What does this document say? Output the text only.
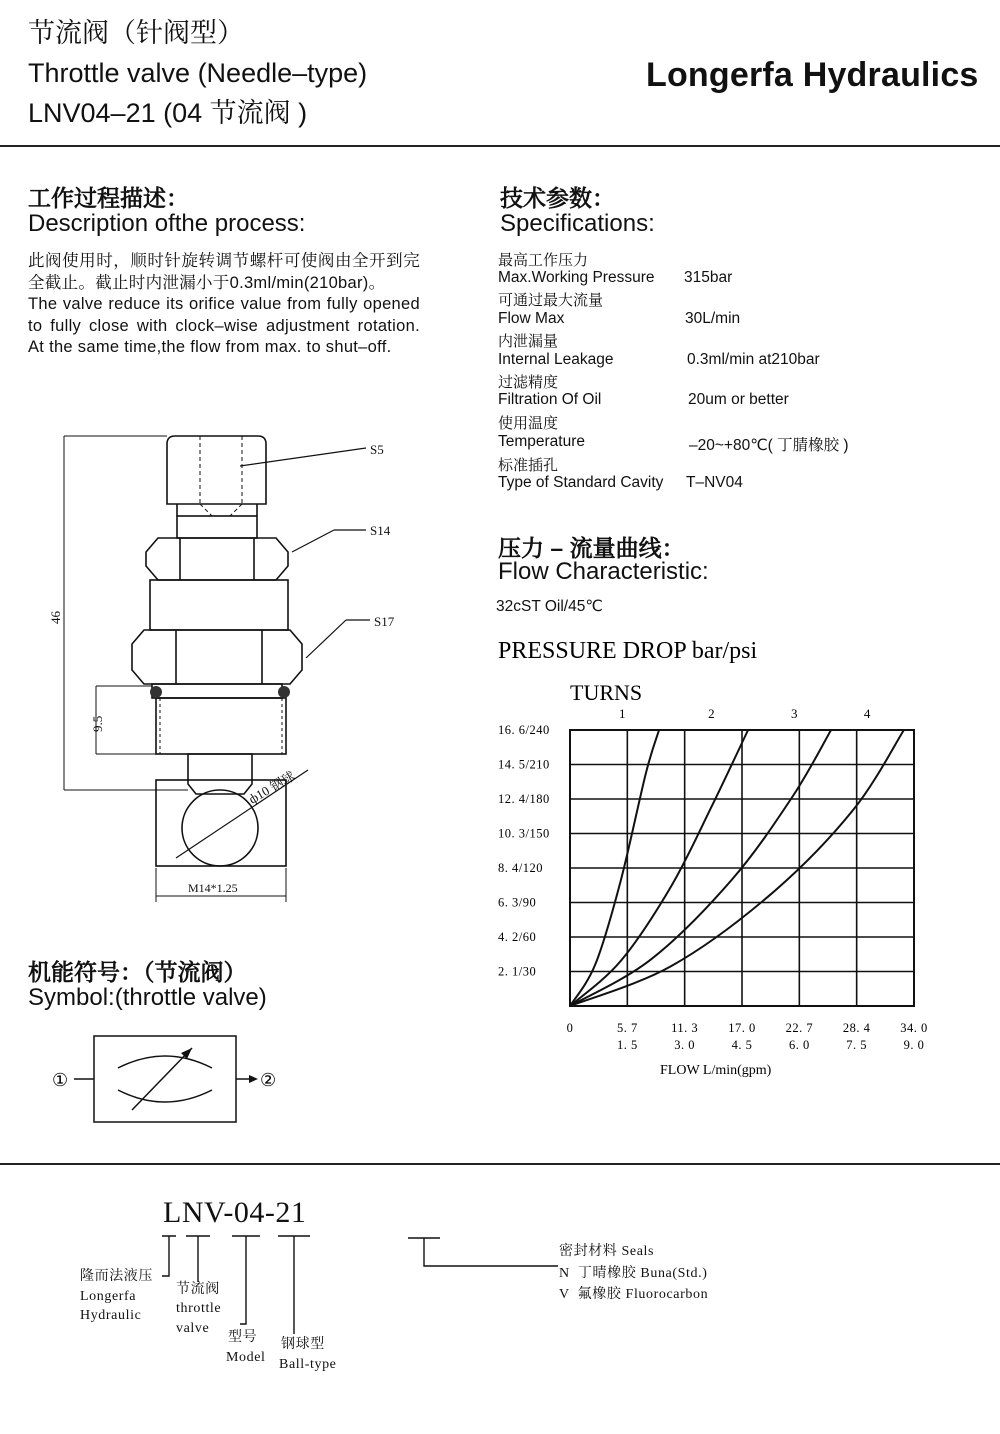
节流阀（针阀型）
Throttle valve (Needle–type)
LNV04–21 (04 节流阀 )
Longerfa Hydraulics
工作过程描述：
Description ofthe process:

此阀使用时，顺时针旋转调节螺杆可使阀由全开到完全截止。截止时内泄漏小于0.3ml/min(210bar)。

The valve reduce its orifice value from fully opened to fully close with clock–wise adjustment rotation. At the same time,the flow from max. to shut–off.

S5
S14
S17
46
9.5
ф10 钢球
M14*1.25
机能符号：（节流阀）
Symbol:(throttle valve)
①	②
技术参数：
Specifications:
最高工作压力
Max.Working Pressure 315bar
可通过最大流量
Flow Max	30L/min
内泄漏量
Internal Leakage	0.3ml/min at210bar
过滤精度
Filtration Of Oil	20um or better
使用温度
Temperature	–20~+80℃( 丁腈橡胶 )
标准插孔
Type of Standard Cavity T–NV04
压力 – 流量曲线：
Flow Characteristic:
32cST Oil/45℃
PRESSURE DROP bar/psi
TURNS
2. 1/30
4. 2/60
6. 3/90
8. 4/120
10. 3/150
12. 4/180
14. 5/210
16. 6/240
0	5. 7
1. 5
11. 3
3. 0
17. 0
4. 5
22. 7
6. 0
28. 4
7. 5
34. 0
9. 0
1	2	3	4
FLOW L/min(gpm)
LNV-04-21
隆而法液压
Longerfa
Hydraulic
节流阀
throttle
valve
型号
Model
钢球型
Ball-type
密封材料 Seals
N  丁晴橡胶 Buna(Std.)
V  氟橡胶 Fluorocarbon
